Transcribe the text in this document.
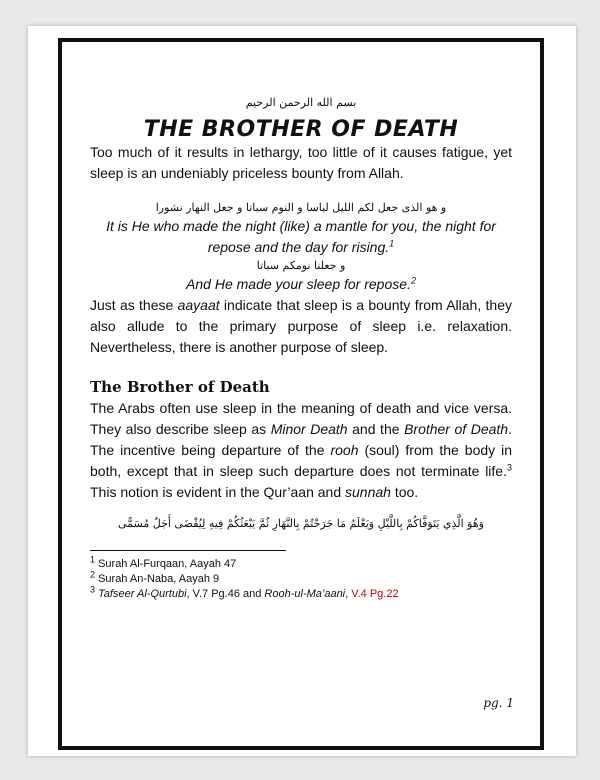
بسم الله الرحمن الرحيم
THE BROTHER OF DEATH

Too much of it results in lethargy, too little of it causes fatigue, yet sleep is an undeniably priceless bounty from Allah.

و هو الذى جعل لكم الليل لباسا و النوم سباتا و جعل النهار نشورا

It is He who made the night (like) a mantle for you, the night for repose and the day for rising.$^1$

و جعلنا نومكم سباتا

And He made your sleep for repose.$^2$

Just as these aayaat indicate that sleep is a bounty from Allah, they also allude to the primary purpose of sleep i.e. relaxation. Nevertheless, there is another purpose of sleep.

The Brother of Death

The Arabs often use sleep in the meaning of death and vice versa. They also describe sleep as Minor Death and the Brother of Death. The incentive being departure of the rooh (soul) from the body in both, except that in sleep such departure does not terminate life.$^3$ This notion is evident in the Qur’aan and sunnah too.

وَهُوَ الَّذِي يَتَوَفَّاكُمْ بِاللَّيْلِ وَيَعْلَمُ مَا جَرَحْتُمْ بِالنَّهَارِ ثُمَّ يَبْعَثُكُمْ فِيهِ لِيُقْضَى أَجَلٌ مُسَمًّى

$^1$ Surah Al-Furqaan, Aayah 47

$^2$ Surah An-Naba, Aayah 9

$^3$ Tafseer Al-Qurtubi, V.7 Pg.46 and Rooh-ul-Ma’aani, V.4 Pg.22

pg. 1
